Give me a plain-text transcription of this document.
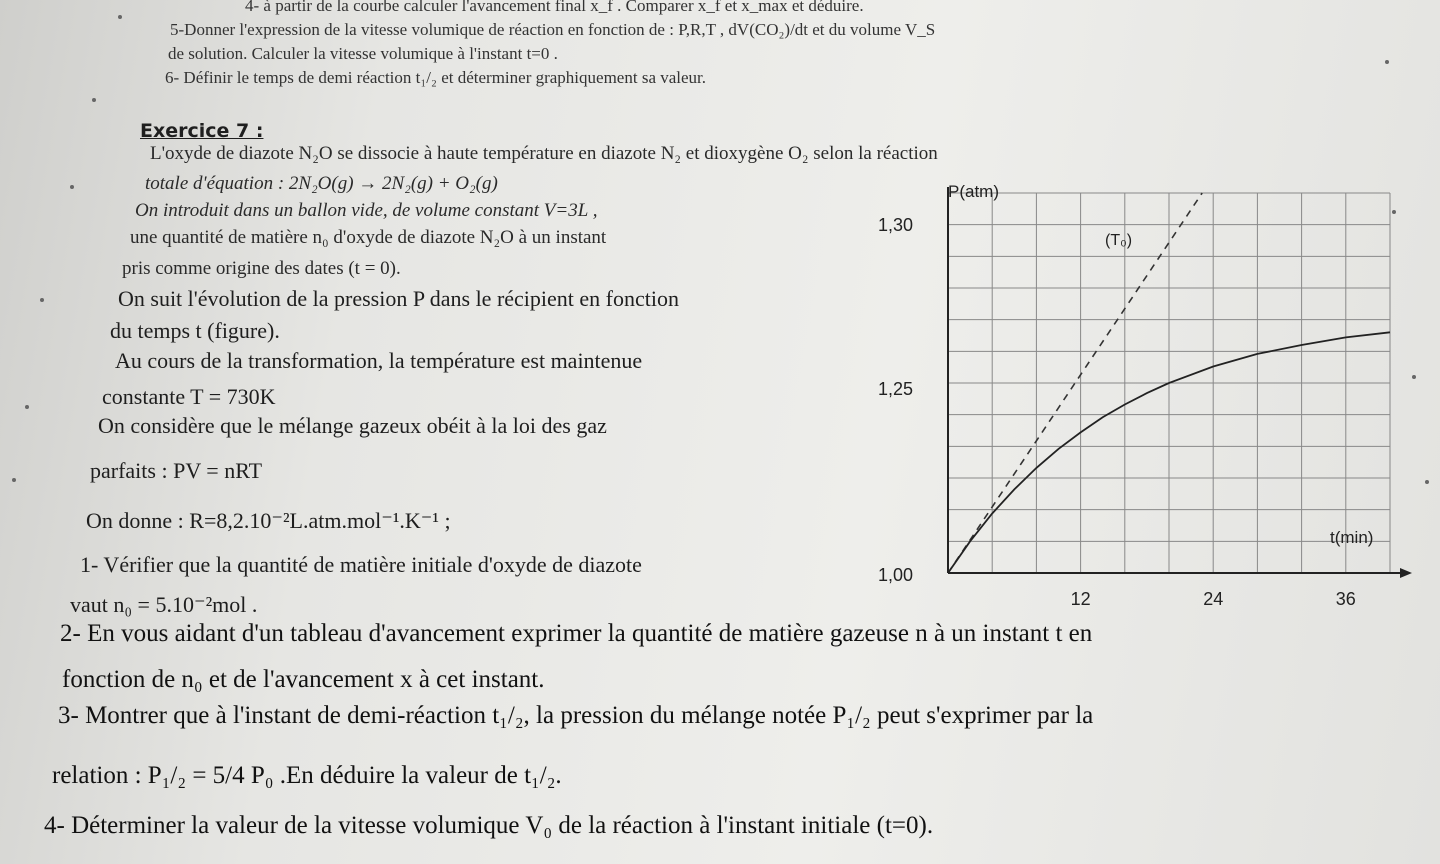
4- à partir de la courbe calculer l'avancement final x_f . Comparer x_f et x_max et déduire.
5-Donner l'expression de la vitesse volumique de réaction en fonction de : P,R,T , dV(CO₂)/dt et du volume V_S
de solution. Calculer la vitesse volumique à l'instant t=0 .
6- Définir le temps de demi réaction t₁/₂ et déterminer graphiquement sa valeur.
Exercice 7 :
L'oxyde de diazote N₂O se dissocie à haute température en diazote N₂ et dioxygène O₂ selon la réaction
totale d'équation : 2N₂O(g) → 2N₂(g) + O₂(g)
On introduit dans un ballon vide, de volume constant V=3L ,
une quantité de matière n₀ d'oxyde de diazote N₂O à un instant
pris comme origine des dates (t = 0).
On suit l'évolution de la pression P dans le récipient en fonction
du temps t (figure).
Au cours de la transformation, la température est maintenue
constante T = 730K
On considère que le mélange gazeux obéit à la loi des gaz
parfaits : PV = nRT
On donne : R=8,2.10⁻²L.atm.mol⁻¹.K⁻¹ ;
1- Vérifier que la quantité de matière initiale d'oxyde de diazote
vaut n₀ = 5.10⁻²mol .
2- En vous aidant d'un tableau d'avancement exprimer la quantité de matière gazeuse n à un instant t en
fonction de n₀ et de l'avancement x à cet instant.
3- Montrer que à l'instant de demi-réaction t₁/₂, la pression du mélange notée P₁/₂ peut s'exprimer par la
relation : P₁/₂ = 5/4 P₀ .En déduire la valeur de t₁/₂.
4- Déterminer la valeur de la vitesse volumique V₀ de la réaction à l'instant initiale (t=0).
1,00
1,25
1,30
12	24	36
P(atm)
t(min)
(T₀)
